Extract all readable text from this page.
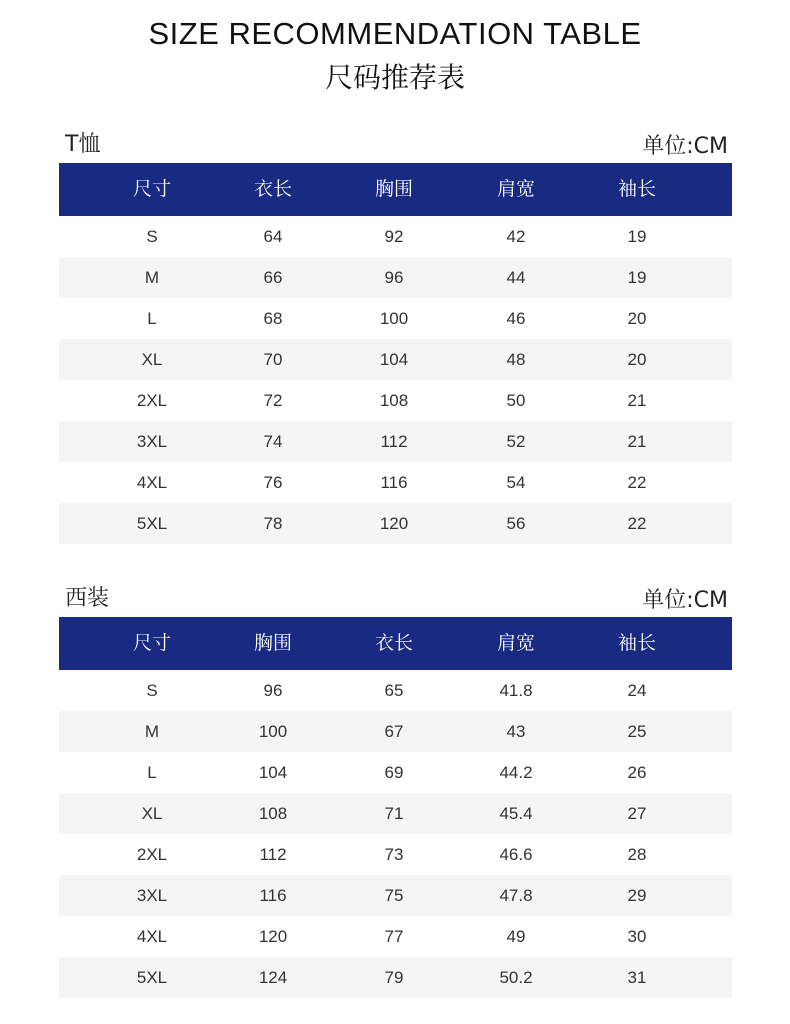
SIZE RECOMMENDATION TABLE
尺码推荐表
T恤	单位:CM
尺寸	衣长	胸围	肩宽	袖长
S	64	92	42	19
M	66	96	44	19
L	68	100	46	20
XL	70	104	48	20
2XL	72	108	50	21
3XL	74	112	52	21
4XL	76	116	54	22
5XL	78	120	56	22
西装	单位:CM
尺寸	胸围	衣长	肩宽	袖长
S	96	65	41.8	24
M	100	67	43	25
L	104	69	44.2	26
XL	108	71	45.4	27
2XL	112	73	46.6	28
3XL	116	75	47.8	29
4XL	120	77	49	30
5XL	124	79	50.2	31
